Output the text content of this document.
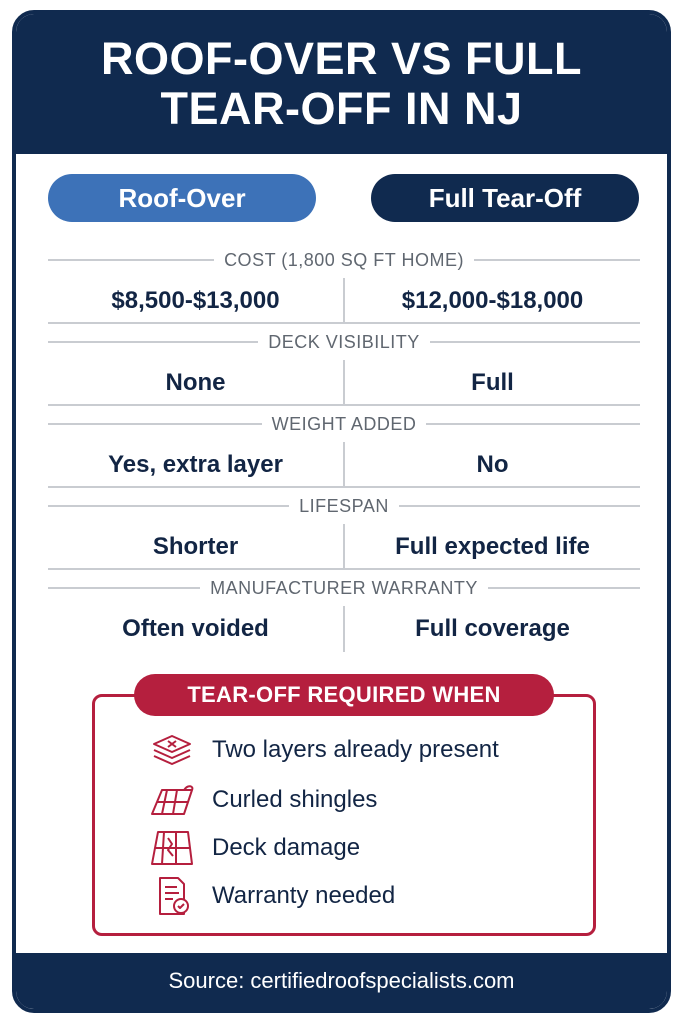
ROOF-OVER VS FULL TEAR-OFF IN NJ
Roof-Over	Full Tear-Off
COST (1,800 SQ FT HOME)
$8,500-$13,000	$12,000-$18,000
DECK VISIBILITY
None	Full
WEIGHT ADDED
Yes, extra layer	No
LIFESPAN
Shorter	Full expected life
MANUFACTURER WARRANTY
Often voided	Full coverage
TEAR-OFF REQUIRED WHEN
Two layers already present
Curled shingles
Deck damage
Warranty needed
Source: certifiedroofspecialists.com
